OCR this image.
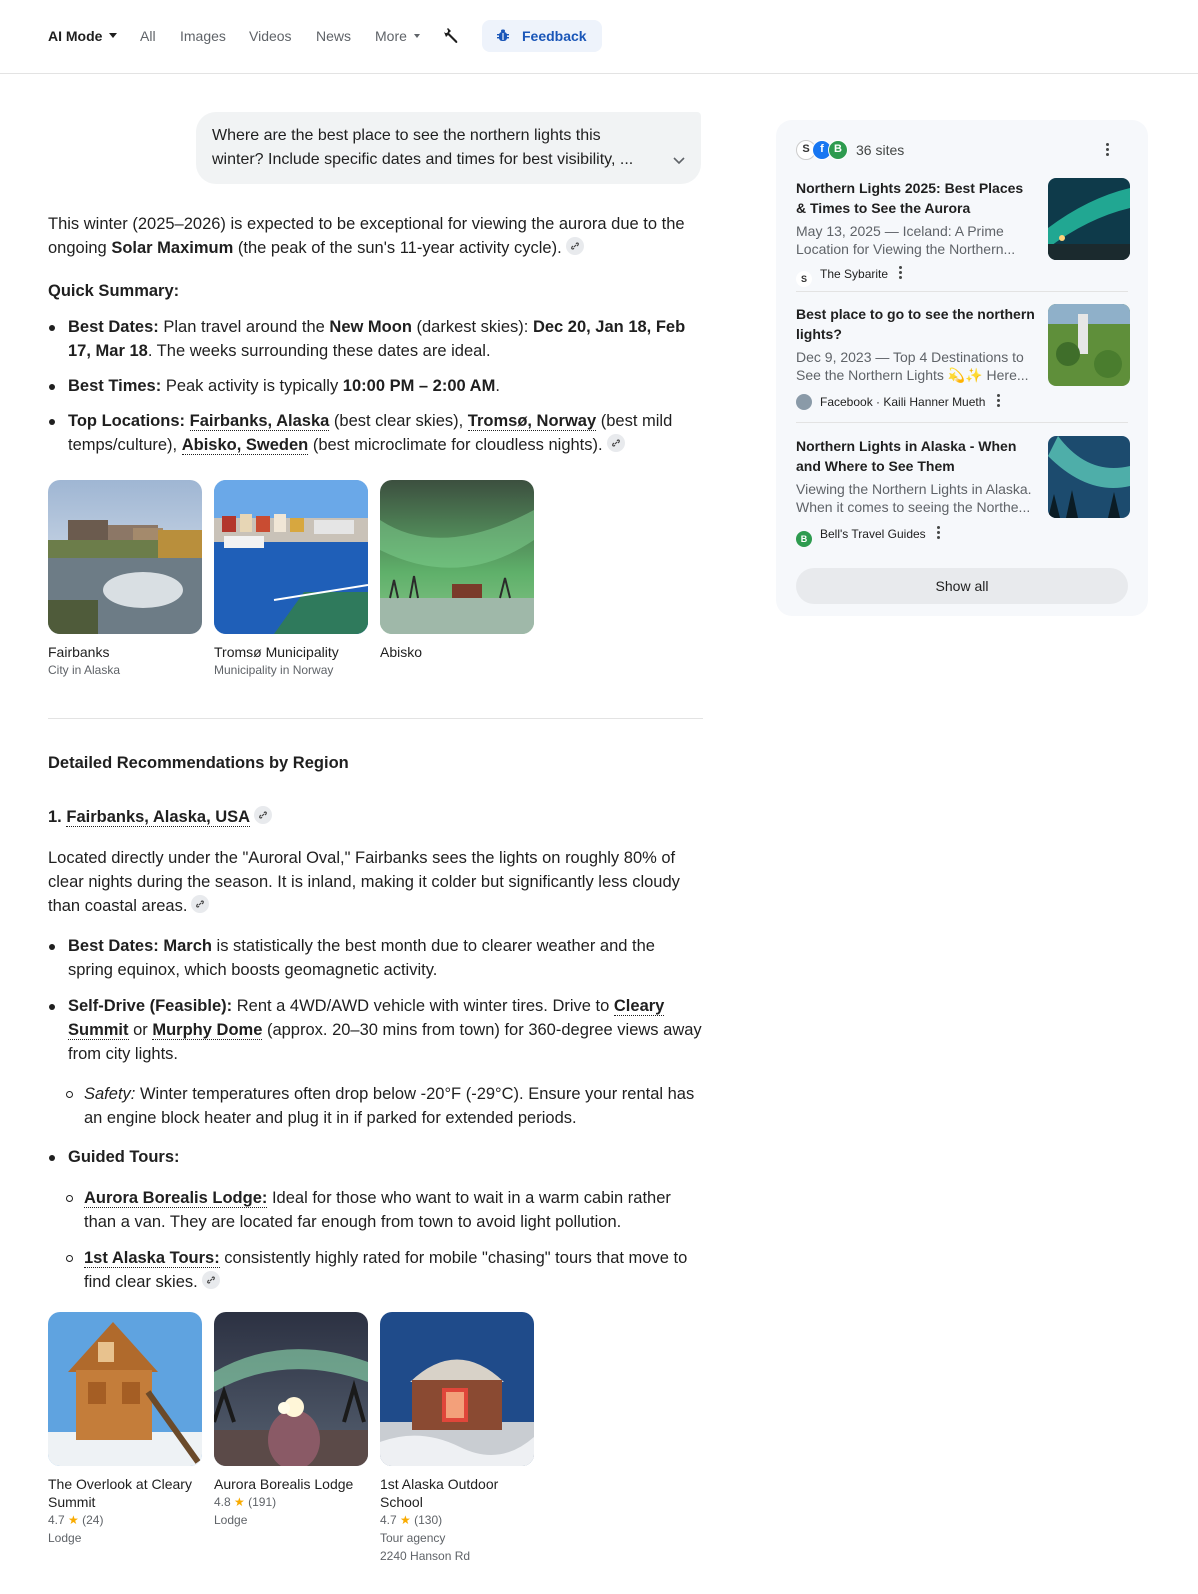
AI Mode	All Images Videos News More	Feedback
Where are the best place to see the northern lights this
winter? Include specific dates and times for best visibility, ...
This winter (2025–2026) is expected to be exceptional for viewing the aurora due to the ongoing Solar Maximum (the peak of the sun's 11-year activity cycle).
Quick Summary:
Best Dates: Plan travel around the New Moon (darkest skies): Dec 20, Jan 18, Feb 17, Mar 18. The weeks surrounding these dates are ideal.
Best Times: Peak activity is typically 10:00 PM – 2:00 AM.
Top Locations: Fairbanks, Alaska (best clear skies), Tromsø, Norway (best mild temps/culture), Abisko, Sweden (best microclimate for cloudless nights).
Fairbanks
City in Alaska
Tromsø Municipality
Municipality in Norway
Abisko
Detailed Recommendations by Region
1. Fairbanks, Alaska, USA
Located directly under the "Auroral Oval," Fairbanks sees the lights on roughly 80% of clear nights during the season. It is inland, making it colder but significantly less cloudy than coastal areas.
Best Dates: March is statistically the best month due to clearer weather and the spring equinox, which boosts geomagnetic activity.
Self-Drive (Feasible): Rent a 4WD/AWD vehicle with winter tires. Drive to Cleary Summit or Murphy Dome (approx. 20–30 mins from town) for 360-degree views away from city lights.
Safety: Winter temperatures often drop below -20°F (-29°C). Ensure your rental has an engine block heater and plug it in if parked for extended periods.
Guided Tours:
Aurora Borealis Lodge: Ideal for those who want to wait in a warm cabin rather than a van. They are located far enough from town to avoid light pollution.
1st Alaska Tours: consistently highly rated for mobile "chasing" tours that move to find clear skies.
The Overlook at Cleary Summit
4.7 ★ (24)
Lodge
Aurora Borealis Lodge
4.8 ★ (191)
Lodge
1st Alaska Outdoor School
4.7 ★ (130)
Tour agency
2240 Hanson Rd
S f B	36 sites
Northern Lights 2025: Best Places & Times to See the Aurora
May 13, 2025 — Iceland: A Prime
Location for Viewing the Northern...
S The Sybarite
Best place to go to see the northern lights?
Dec 9, 2023 — Top 4 Destinations to
See the Northern Lights 💫✨ Here...
Facebook · Kaili Hanner Mueth
Northern Lights in Alaska - When and Where to See Them
Viewing the Northern Lights in Alaska.
When it comes to seeing the Northe...
B Bell's Travel Guides
Show all
